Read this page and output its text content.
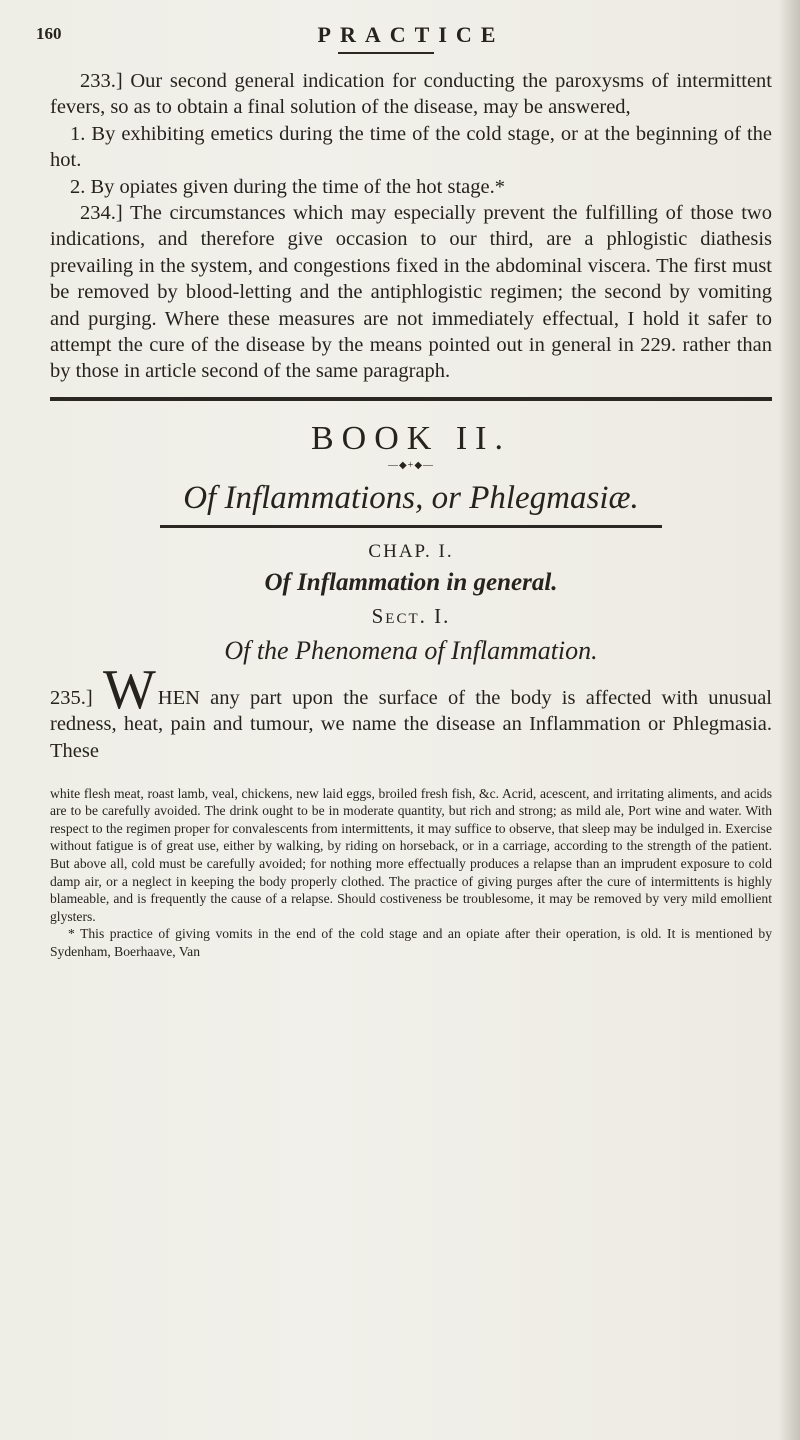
160	PRACTICE

233.] Our second general indication for conducting the paroxysms of intermittent fevers, so as to obtain a final solution of the disease, may be answered,

1. By exhibiting emetics during the time of the cold stage, or at the beginning of the hot.

2. By opiates given during the time of the hot stage.*

234.] The circumstances which may especially prevent the fulfilling of those two indications, and therefore give occasion to our third, are a phlogistic diathesis prevailing in the system, and congestions fixed in the abdominal viscera. The first must be removed by blood-letting and the antiphlogistic regimen; the second by vomiting and purging. Where these measures are not immediately effectual, I hold it safer to attempt the cure of the disease by the means pointed out in general in 229. rather than by those in article second of the same paragraph.

BOOK II.
—◆+◆—
Of Inflammations, or Phlegmasiæ.
CHAP. I.
Of Inflammation in general.
Sect. I.
Of the Phenomena of Inflammation.

235.] WHEN any part upon the surface of the body is affected with unusual redness, heat, pain and tumour, we name the disease an Inflammation or Phlegmasia. These

white flesh meat, roast lamb, veal, chickens, new laid eggs, broiled fresh fish, &c. Acrid, acescent, and irritating aliments, and acids are to be carefully avoided. The drink ought to be in moderate quantity, but rich and strong; as mild ale, Port wine and water. With respect to the regimen proper for convalescents from intermittents, it may suffice to observe, that sleep may be indulged in. Exercise without fatigue is of great use, either by walking, by riding on horseback, or in a carriage, according to the strength of the patient. But above all, cold must be carefully avoided; for nothing more effectually produces a relapse than an imprudent exposure to cold damp air, or a neglect in keeping the body properly clothed. The practice of giving purges after the cure of intermittents is highly blameable, and is frequently the cause of a relapse. Should costiveness be troublesome, it may be removed by very mild emollient glysters.

* This practice of giving vomits in the end of the cold stage and an opiate after their operation, is old. It is mentioned by Sydenham, Boerhaave, Van
